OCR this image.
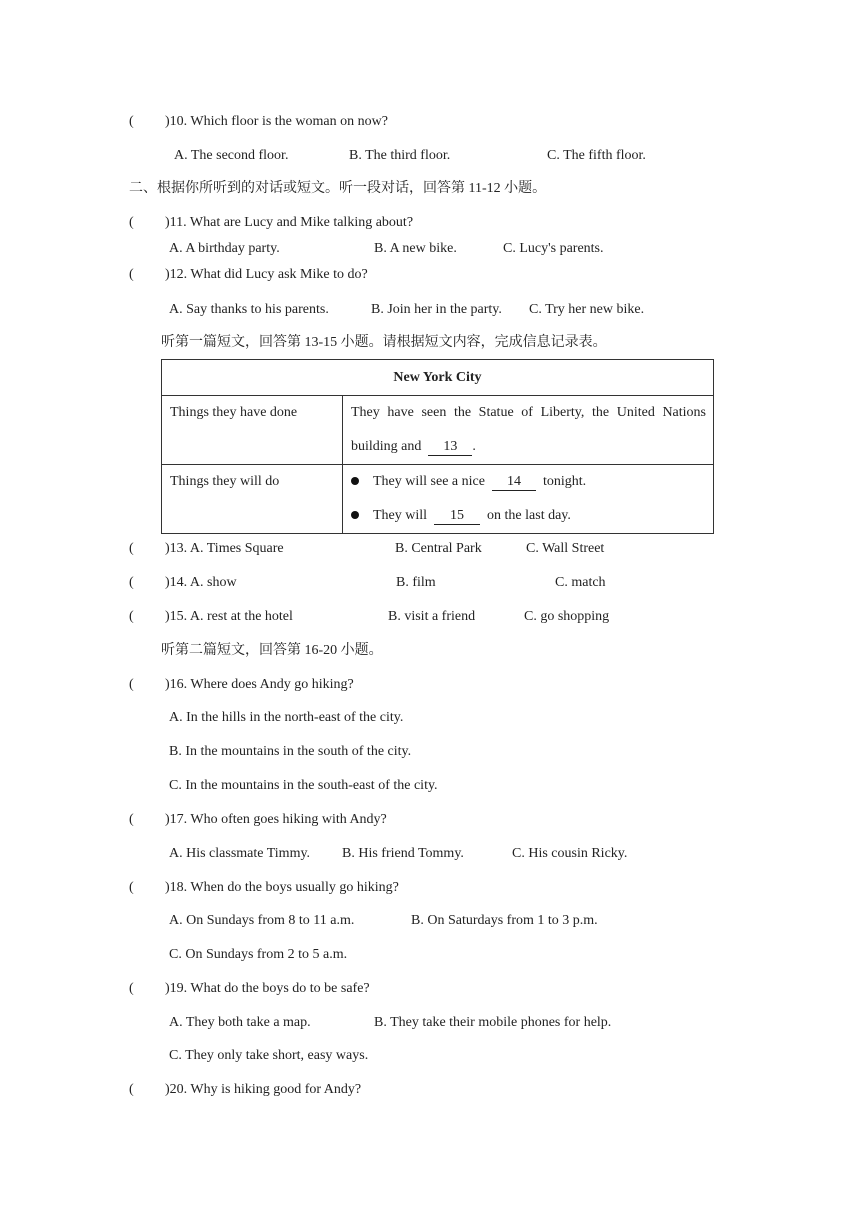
( )10. Which floor is the woman on now?
A. The second floor.	B. The third floor.	C. The fifth floor.
二、根据你所听到的对话或短文。听一段对话，回答第 11-12 小题。
( )11. What are Lucy and Mike talking about?
A. A birthday party.	B. A new bike.	C. Lucy's parents.
( )12. What did Lucy ask Mike to do?
A. Say thanks to his parents.	B. Join her in the party. C. Try her new bike.
听第一篇短文，回答第 13-15 小题。请根据短文内容，完成信息记录表。
New York City	

Things they have done	They have seen the Statue of Liberty, the United Nations
building and 13 .

Things they will do	They will see a nice 14 tonight.
They will 15 on the last day.
( )13. A. Times Square	B. Central Park	C. Wall Street
( )14. A. show	B. film	C. match
( )15. A. rest at the hotel	B. visit a friend	C. go shopping
听第二篇短文，回答第 16-20 小题。
( )16. Where does Andy go hiking?
A. In the hills in the north-east of the city.
B. In the mountains in the south of the city.
C. In the mountains in the south-east of the city.
( )17. Who often goes hiking with Andy?
A. His classmate Timmy. B. His friend Tommy.	C. His cousin Ricky.
( )18. When do the boys usually go hiking?
A. On Sundays from 8 to 11 a.m.	B. On Saturdays from 1 to 3 p.m.
C. On Sundays from 2 to 5 a.m.
( )19. What do the boys do to be safe?
A. They both take a map.	B. They take their mobile phones for help.
C. They only take short, easy ways.
( )20. Why is hiking good for Andy?
